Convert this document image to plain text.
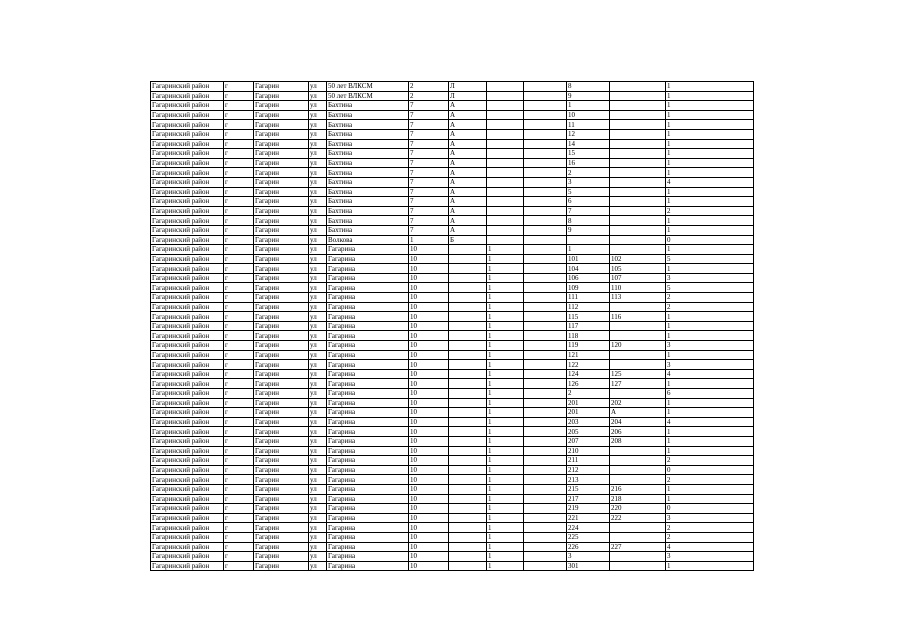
Гагаринский район	г	Гагарин	ул	50 лет ВЛКСМ	2	Л			8		1
Гагаринский район	г	Гагарин	ул	50 лет ВЛКСМ	2	Л			9		1
Гагаринский район	г	Гагарин	ул	Бахтина	7	А			1		1
Гагаринский район	г	Гагарин	ул	Бахтина	7	А			10		1
Гагаринский район	г	Гагарин	ул	Бахтина	7	А			11		1
Гагаринский район	г	Гагарин	ул	Бахтина	7	А			12		1
Гагаринский район	г	Гагарин	ул	Бахтина	7	А			14		1
Гагаринский район	г	Гагарин	ул	Бахтина	7	А			15		1
Гагаринский район	г	Гагарин	ул	Бахтина	7	А			16		1
Гагаринский район	г	Гагарин	ул	Бахтина	7	А			2		1
Гагаринский район	г	Гагарин	ул	Бахтина	7	А			3		4
Гагаринский район	г	Гагарин	ул	Бахтина	7	А			5		1
Гагаринский район	г	Гагарин	ул	Бахтина	7	А			6		1
Гагаринский район	г	Гагарин	ул	Бахтина	7	А			7		2
Гагаринский район	г	Гагарин	ул	Бахтина	7	А			8		1
Гагаринский район	г	Гагарин	ул	Бахтина	7	А			9		1
Гагаринский район	г	Гагарин	ул	Волкова	1	Б					0
Гагаринский район	г	Гагарин	ул	Гагарина	10		1		1		1
Гагаринский район	г	Гагарин	ул	Гагарина	10		1		101	102	5
Гагаринский район	г	Гагарин	ул	Гагарина	10		1		104	105	1
Гагаринский район	г	Гагарин	ул	Гагарина	10		1		106	107	3
Гагаринский район	г	Гагарин	ул	Гагарина	10		1		109	110	5
Гагаринский район	г	Гагарин	ул	Гагарина	10		1		111	113	2
Гагаринский район	г	Гагарин	ул	Гагарина	10		1		112		2
Гагаринский район	г	Гагарин	ул	Гагарина	10		1		115	116	1
Гагаринский район	г	Гагарин	ул	Гагарина	10		1		117		1
Гагаринский район	г	Гагарин	ул	Гагарина	10		1		118		1
Гагаринский район	г	Гагарин	ул	Гагарина	10		1		119	120	3
Гагаринский район	г	Гагарин	ул	Гагарина	10		1		121		1
Гагаринский район	г	Гагарин	ул	Гагарина	10		1		122		3
Гагаринский район	г	Гагарин	ул	Гагарина	10		1		124	125	4
Гагаринский район	г	Гагарин	ул	Гагарина	10		1		126	127	1
Гагаринский район	г	Гагарин	ул	Гагарина	10		1		2		6
Гагаринский район	г	Гагарин	ул	Гагарина	10		1		201	202	1
Гагаринский район	г	Гагарин	ул	Гагарина	10		1		201	А	1
Гагаринский район	г	Гагарин	ул	Гагарина	10		1		203	204	4
Гагаринский район	г	Гагарин	ул	Гагарина	10		1		205	206	1
Гагаринский район	г	Гагарин	ул	Гагарина	10		1		207	208	1
Гагаринский район	г	Гагарин	ул	Гагарина	10		1		210		1
Гагаринский район	г	Гагарин	ул	Гагарина	10		1		211		2
Гагаринский район	г	Гагарин	ул	Гагарина	10		1		212		0
Гагаринский район	г	Гагарин	ул	Гагарина	10		1		213		2
Гагаринский район	г	Гагарин	ул	Гагарина	10		1		215	216	1
Гагаринский район	г	Гагарин	ул	Гагарина	10		1		217	218	1
Гагаринский район	г	Гагарин	ул	Гагарина	10		1		219	220	0
Гагаринский район	г	Гагарин	ул	Гагарина	10		1		221	222	3
Гагаринский район	г	Гагарин	ул	Гагарина	10		1		224		2
Гагаринский район	г	Гагарин	ул	Гагарина	10		1		225		2
Гагаринский район	г	Гагарин	ул	Гагарина	10		1		226	227	4
Гагаринский район	г	Гагарин	ул	Гагарина	10		1		3		3
Гагаринский район	г	Гагарин	ул	Гагарина	10		1		301		1
